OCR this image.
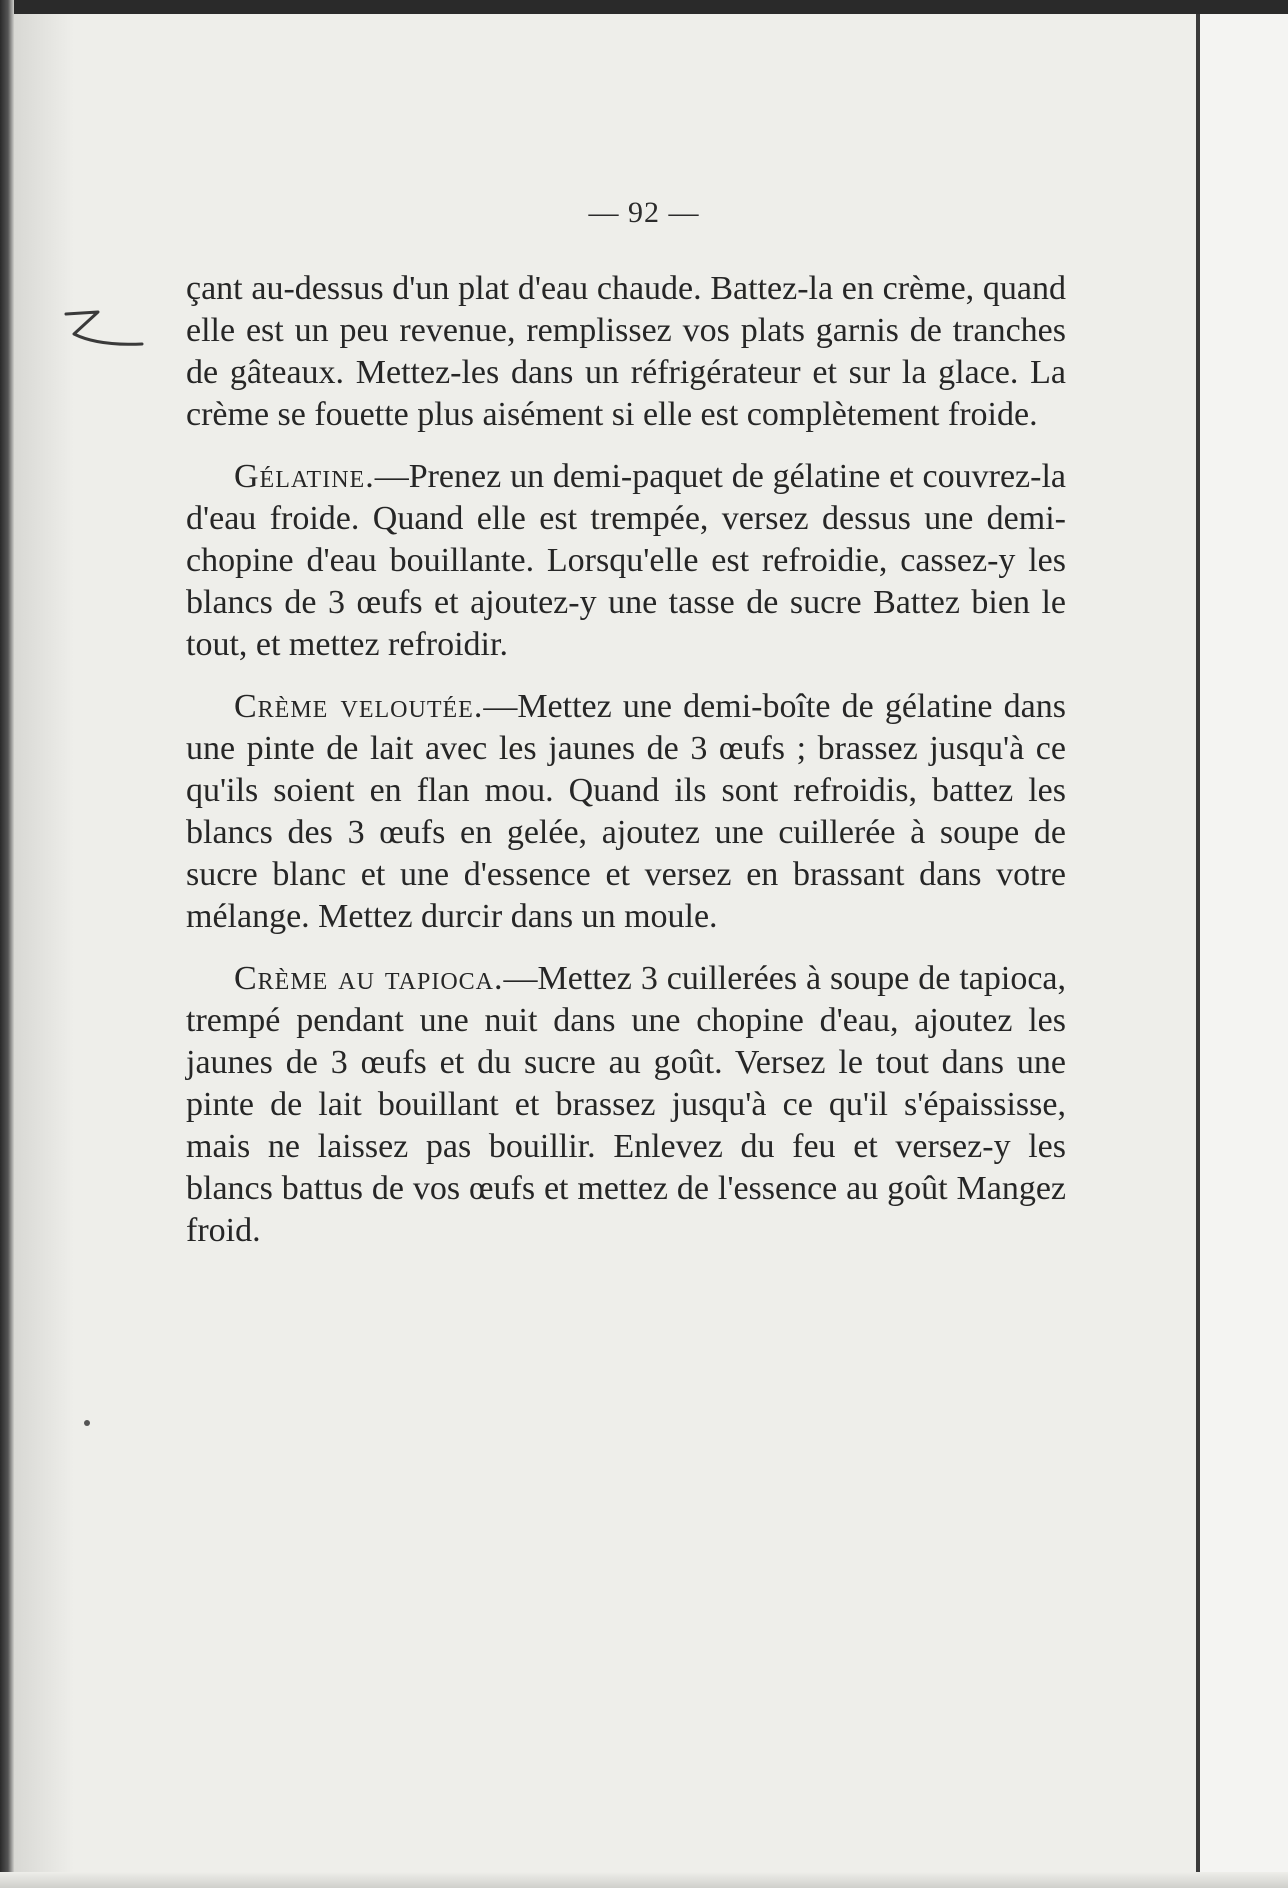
— 92 —

çant au-dessus d'un plat d'eau chaude. Battez-la en crème, quand elle est un peu revenue, remplissez vos plats garnis de tranches de gâteaux. Mettez-les dans un réfrigérateur et sur la glace. La crème se fouette plus aisément si elle est complètement froide.

Gélatine.—Prenez un demi-paquet de gélatine et couvrez-la d'eau froide. Quand elle est trempée, versez dessus une demi-chopine d'eau bouillante. Lorsqu'elle est refroidie, cassez-y les blancs de 3 œufs et ajoutez-y une tasse de sucre Battez bien le tout, et mettez refroidir.

Crème veloutée.—Mettez une demi-boîte de gélatine dans une pinte de lait avec les jaunes de 3 œufs ; brassez jusqu'à ce qu'ils soient en flan mou. Quand ils sont refroidis, battez les blancs des 3 œufs en gelée, ajoutez une cuillerée à soupe de sucre blanc et une d'essence et versez en brassant dans votre mélange. Mettez durcir dans un moule.

Crème au tapioca.—Mettez 3 cuillerées à soupe de tapioca, trempé pendant une nuit dans une chopine d'eau, ajoutez les jaunes de 3 œufs et du sucre au goût. Versez le tout dans une pinte de lait bouillant et brassez jusqu'à ce qu'il s'épaississe, mais ne laissez pas bouillir. Enlevez du feu et versez-y les blancs battus de vos œufs et mettez de l'essence au goût Mangez froid.
